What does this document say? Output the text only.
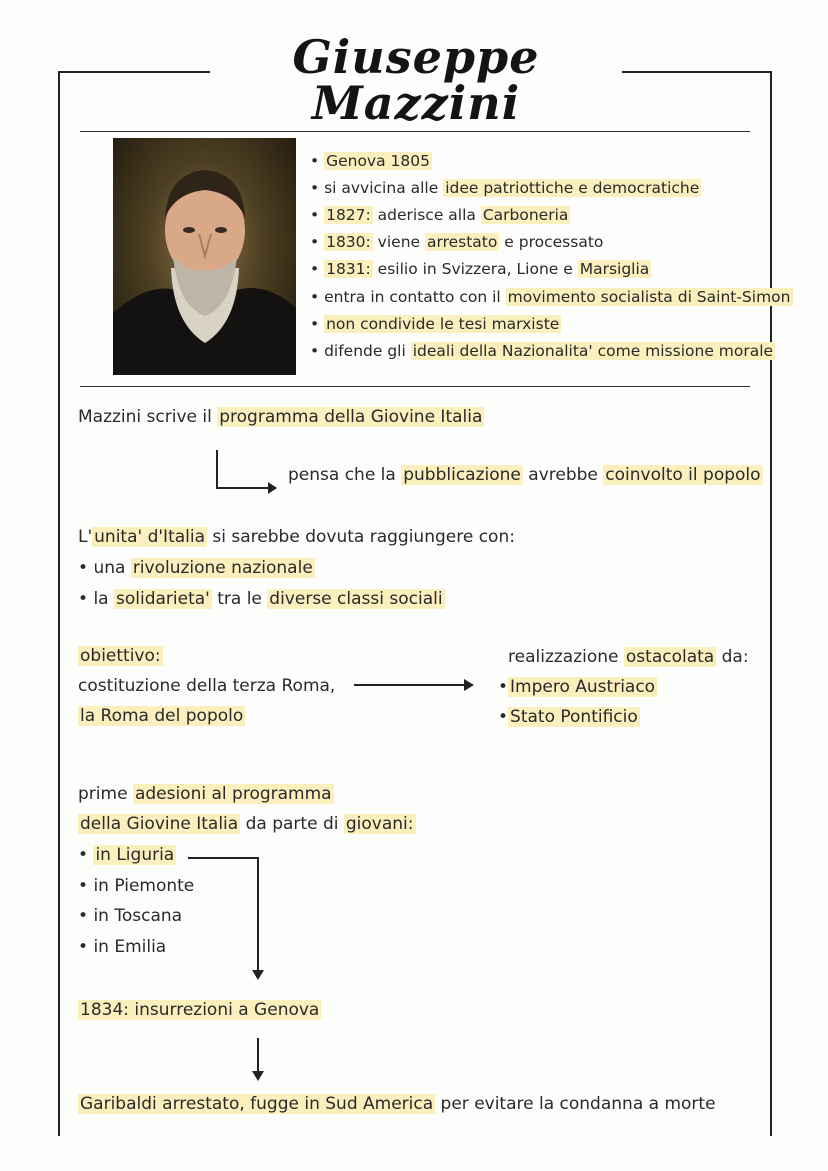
Giuseppe Mazzini
• Genova 1805
• si avvicina alle idee patriottiche e democratiche
• 1827: aderisce alla Carboneria
• 1830: viene arrestato e processato
• 1831: esilio in Svizzera, Lione e Marsiglia
• entra in contatto con il movimento socialista di Saint-Simon
• non condivide le tesi marxiste
• difende gli ideali della Nazionalita' come missione morale
Mazzini scrive il programma della Giovine Italia
pensa che la pubblicazione avrebbe coinvolto il popolo
L' unita' d'Italia si sarebbe dovuta raggiungere con:
• una rivoluzione nazionale
• la solidarieta' tra le diverse classi sociali
obiettivo:
costituzione della terza Roma,
la Roma del popolo
realizzazione ostacolata da:
• Impero Austriaco
• Stato Pontificio
prime adesioni al programma
della Giovine Italia da parte di giovani:
• in Liguria
• in Piemonte
• in Toscana
• in Emilia
1834: insurrezioni a Genova
Garibaldi arrestato, fugge in Sud America per evitare la condanna a morte
